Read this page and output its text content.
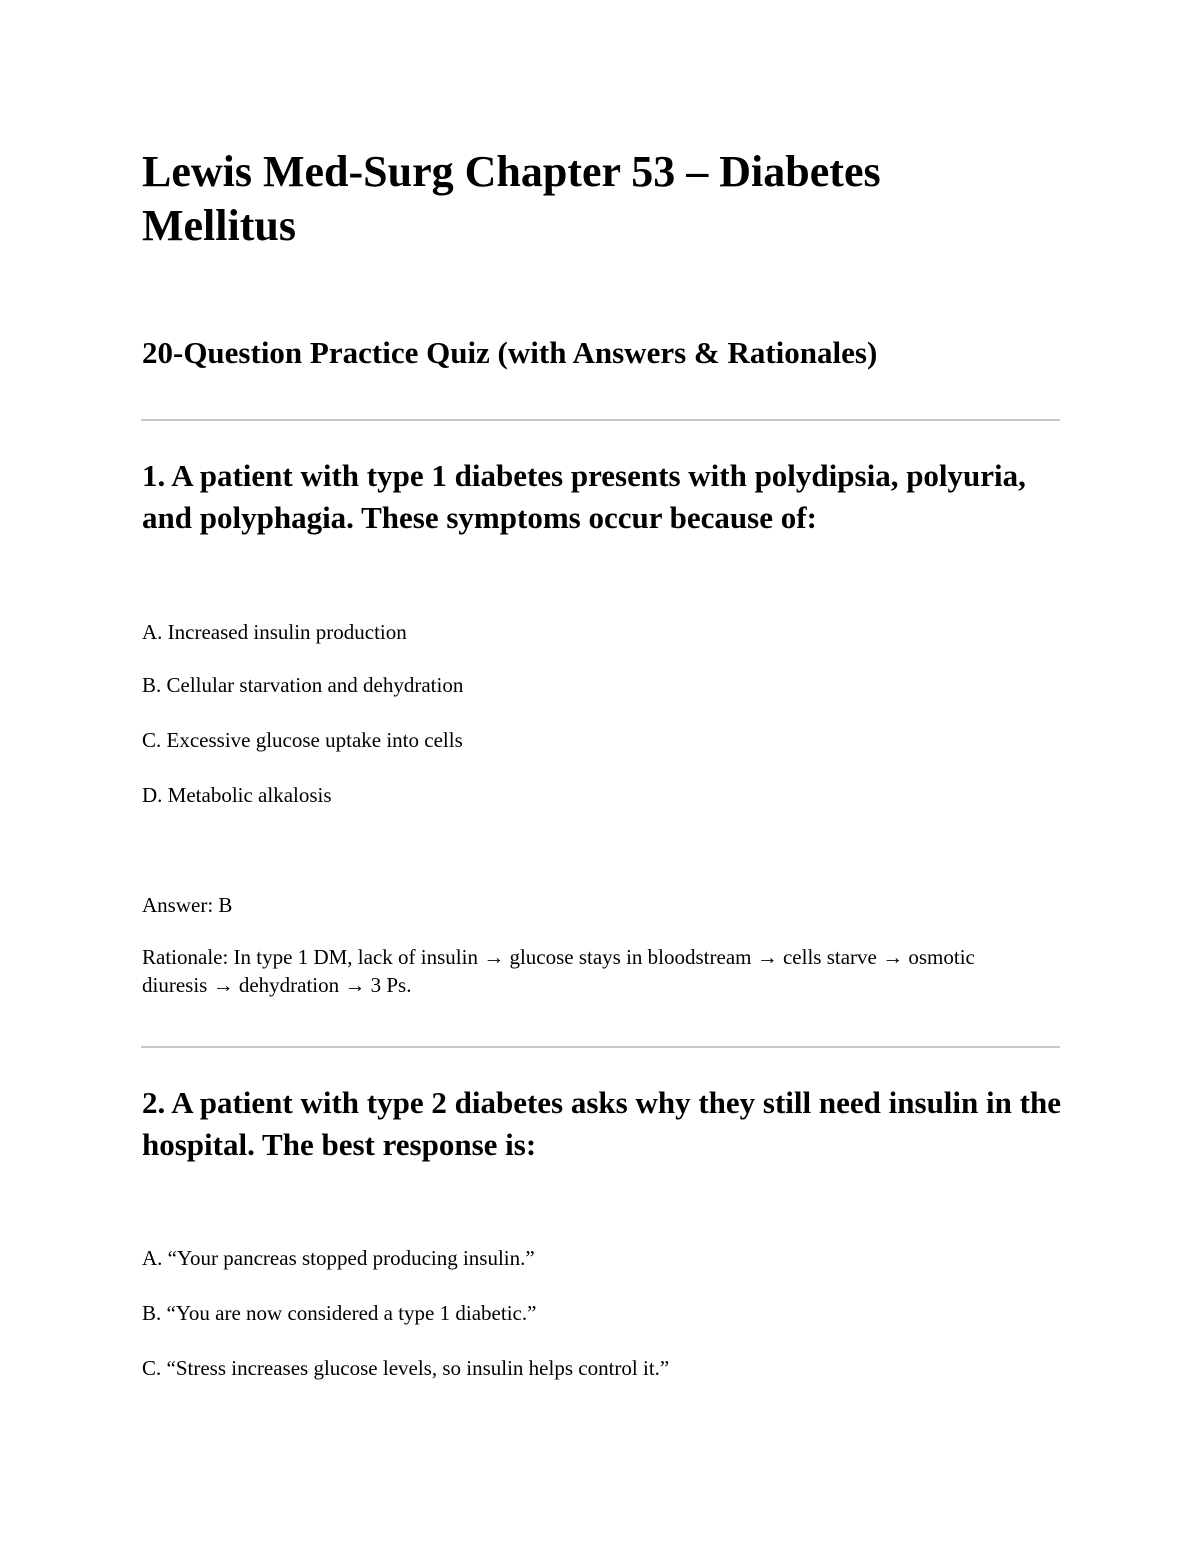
Lewis Med-Surg Chapter 53 – Diabetes Mellitus
20-Question Practice Quiz (with Answers & Rationales)
1. A patient with type 1 diabetes presents with polydipsia, polyuria, and polyphagia. These symptoms occur because of:

A. Increased insulin production

B. Cellular starvation and dehydration

C. Excessive glucose uptake into cells

D. Metabolic alkalosis

Answer: B

Rationale: In type 1 DM, lack of insulin → glucose stays in bloodstream → cells starve → osmotic diuresis → dehydration → 3 Ps.

2. A patient with type 2 diabetes asks why they still need insulin in the hospital. The best response is:

A. “Your pancreas stopped producing insulin.”

B. “You are now considered a type 1 diabetic.”

C. “Stress increases glucose levels, so insulin helps control it.”
